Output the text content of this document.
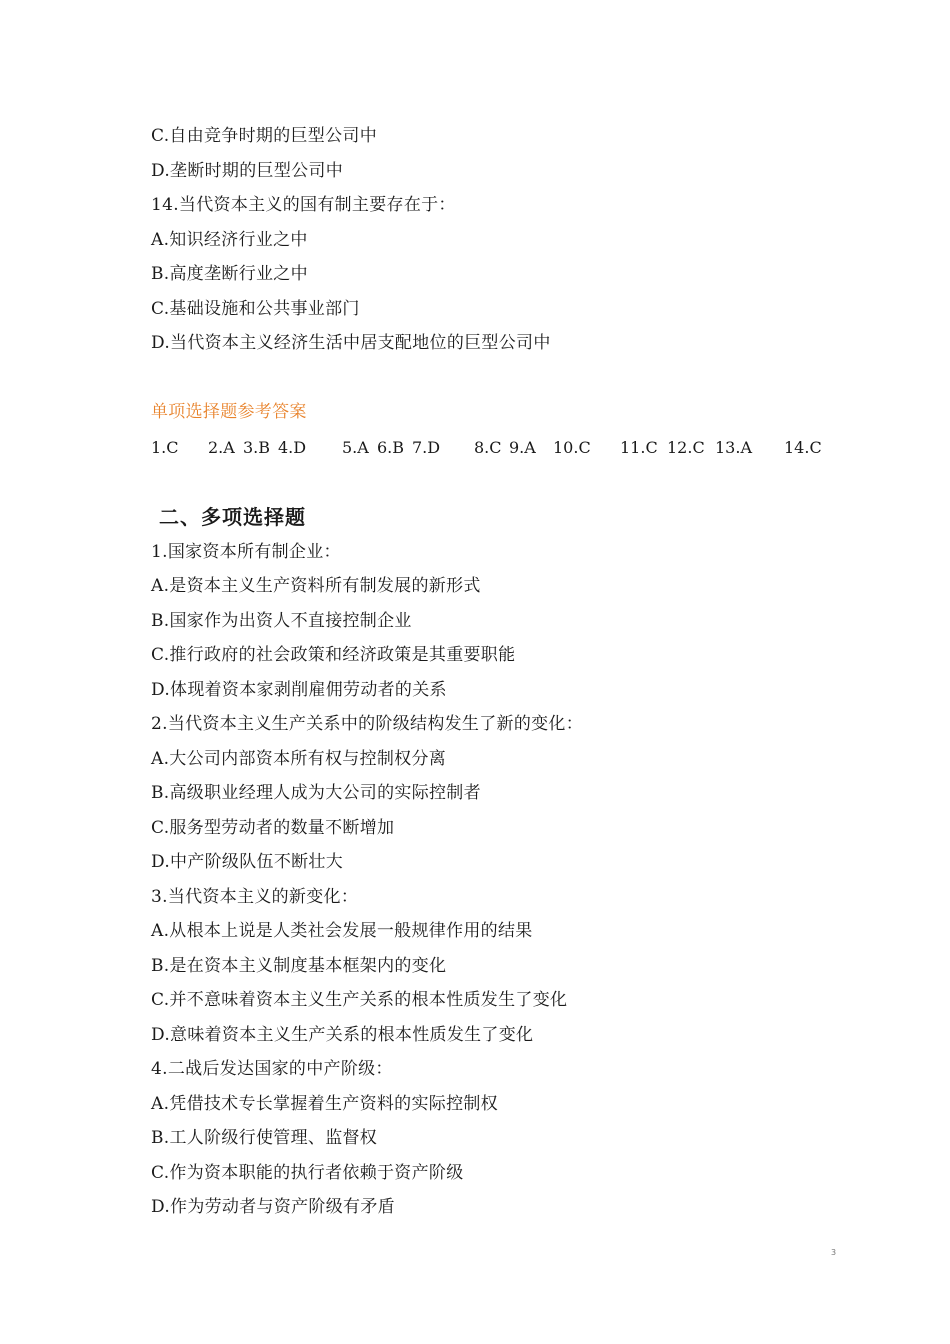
C.自由竞争时期的巨型公司中
D.垄断时期的巨型公司中
14.当代资本主义的国有制主要存在于：
A.知识经济行业之中
B.高度垄断行业之中
C.基础设施和公共事业部门
D.当代资本主义经济生活中居支配地位的巨型公司中
单项选择题参考答案
1.C 2.A 3.B 4.D 5.A 6.B 7.D 8.C 9.A 10.C 11.C 12.C 13.A 14.C
二、多项选择题
1.国家资本所有制企业：
A.是资本主义生产资料所有制发展的新形式
B.国家作为出资人不直接控制企业
C.推行政府的社会政策和经济政策是其重要职能
D.体现着资本家剥削雇佣劳动者的关系
2.当代资本主义生产关系中的阶级结构发生了新的变化：
A.大公司内部资本所有权与控制权分离
B.高级职业经理人成为大公司的实际控制者
C.服务型劳动者的数量不断增加
D.中产阶级队伍不断壮大
3.当代资本主义的新变化：
A.从根本上说是人类社会发展一般规律作用的结果
B.是在资本主义制度基本框架内的变化
C.并不意味着资本主义生产关系的根本性质发生了变化
D.意味着资本主义生产关系的根本性质发生了变化
4.二战后发达国家的中产阶级：
A.凭借技术专长掌握着生产资料的实际控制权
B.工人阶级行使管理、监督权
C.作为资本职能的执行者依赖于资产阶级
D.作为劳动者与资产阶级有矛盾
3
